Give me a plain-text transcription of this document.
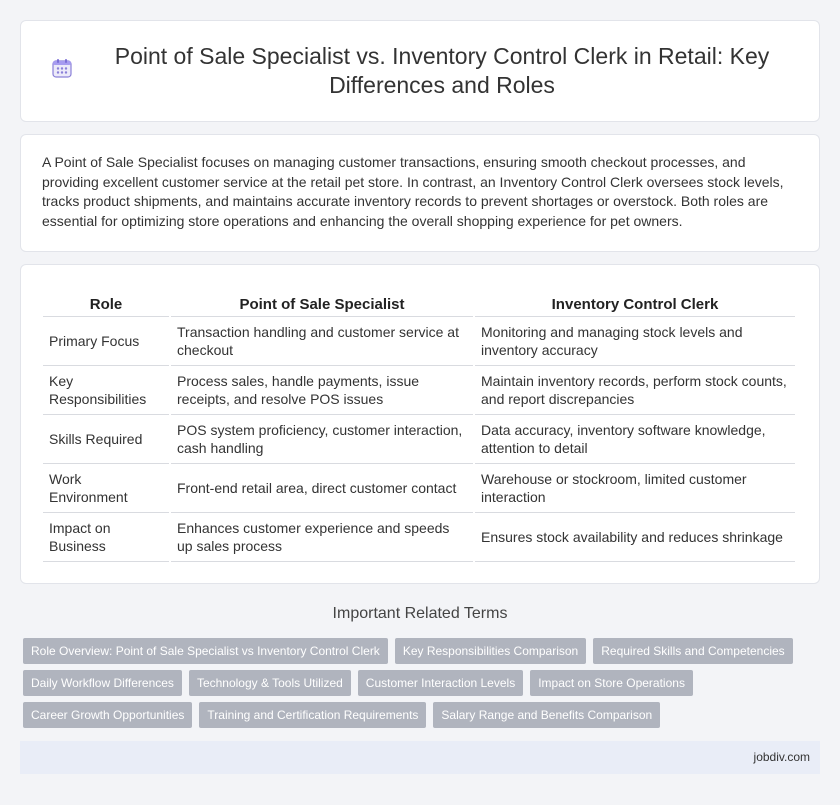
Point of Sale Specialist vs. Inventory Control Clerk in Retail: Key Differences and Roles

A Point of Sale Specialist focuses on managing customer transactions, ensuring smooth checkout processes, and providing excellent customer service at the retail pet store. In contrast, an Inventory Control Clerk oversees stock levels, tracks product shipments, and maintains accurate inventory records to prevent shortages or overstock. Both roles are essential for optimizing store operations and enhancing the overall shopping experience for pet owners.

Role	Point of Sale Specialist	Inventory Control Clerk
Primary Focus	Transaction handling and customer service at checkout	Monitoring and managing stock levels and inventory accuracy
Key Responsibilities	Process sales, handle payments, issue receipts, and resolve POS issues	Maintain inventory records, perform stock counts, and report discrepancies
Skills Required	POS system proficiency, customer interaction, cash handling	Data accuracy, inventory software knowledge, attention to detail
Work Environment	Front-end retail area, direct customer contact	Warehouse or stockroom, limited customer interaction
Impact on Business	Enhances customer experience and speeds up sales process	Ensures stock availability and reduces shrinkage
Important Related Terms
Role Overview: Point of Sale Specialist vs Inventory Control Clerk	Key Responsibilities Comparison	Required Skills and Competencies
Daily Workflow Differences	Technology & Tools Utilized	Customer Interaction Levels	Impact on Store Operations
Career Growth Opportunities	Training and Certification Requirements	Salary Range and Benefits Comparison
jobdiv.com
